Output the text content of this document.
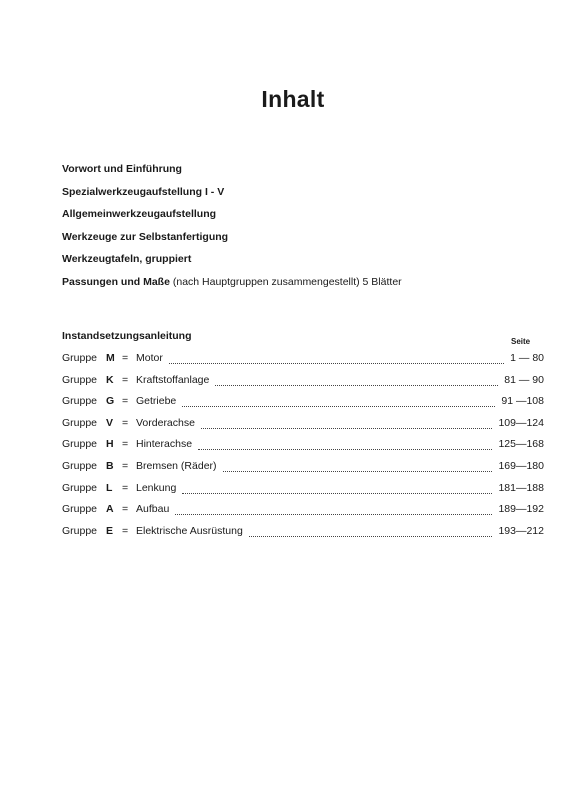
Inhalt
Vorwort und Einführung
Spezialwerkzeugaufstellung I - V
Allgemeinwerkzeugaufstellung
Werkzeuge zur Selbstanfertigung
Werkzeugtafeln, gruppiert
Passungen und Maße (nach Hauptgruppen zusammengestellt) 5 Blätter
Instandsetzungsanleitung	Seite
Gruppe M = Motor	1 — 80
Gruppe K = Kraftstoffanlage	81 — 90
Gruppe G = Getriebe	91 —108
Gruppe V = Vorderachse	109—124
Gruppe H = Hinterachse	125—168
Gruppe B = Bremsen (Räder)	169—180
Gruppe L = Lenkung	181—188
Gruppe A = Aufbau	189—192
Gruppe E = Elektrische Ausrüstung	193—212
